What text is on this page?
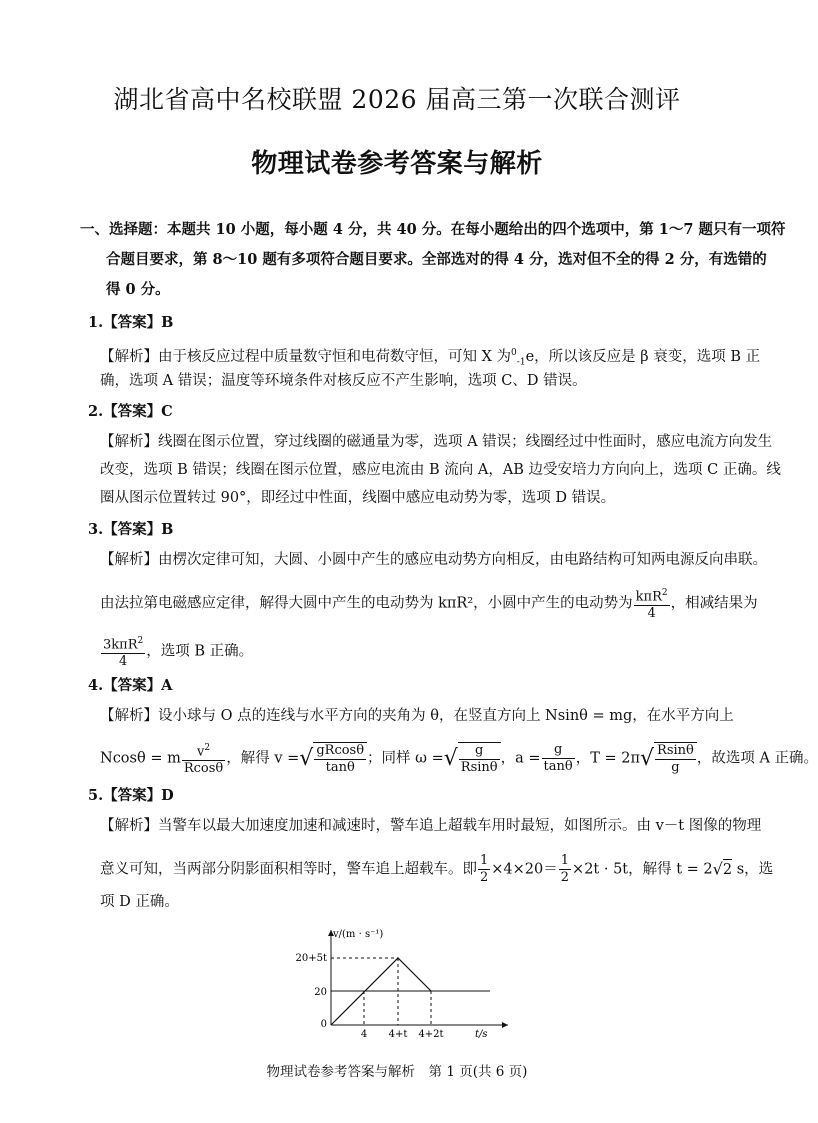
湖北省高中名校联盟 2026 届高三第一次联合测评
物理试卷参考答案与解析
一、选择题：本题共 10 小题，每小题 4 分，共 40 分。在每小题给出的四个选项中，第 1～7 题只有一项符
合题目要求，第 8～10 题有多项符合题目要求。全部选对的得 4 分，选对但不全的得 2 分，有选错的
得 0 分。
1.【答案】B
【解析】由于核反应过程中质量数守恒和电荷数守恒，可知 X 为$^0_{-1}$e，所以该反应是 β 衰变，选项 B 正
确，选项 A 错误；温度等环境条件对核反应不产生影响，选项 C、D 错误。
2.【答案】C
【解析】线圈在图示位置，穿过线圈的磁通量为零，选项 A 错误；线圈经过中性面时，感应电流方向发生
改变，选项 B 错误；线圈在图示位置，感应电流由 B 流向 A，AB 边受安培力方向向上，选项 C 正确。线
圈从图示位置转过 90°，即经过中性面，线圈中感应电动势为零，选项 D 错误。
3.【答案】B
【解析】由楞次定律可知，大圆、小圆中产生的感应电动势方向相反，由电路结构可知两电源反向串联。
由法拉第电磁感应定律，解得大圆中产生的电动势为 kπR²，小圆中产生的电动势为 $\frac{k\pi R^2}{4}$ ，相减结果为
$\frac{3k\pi R^2}{4}$ ，选项 B 正确。
4.【答案】A
【解析】设小球与 O 点的连线与水平方向的夹角为 θ，在竖直方向上 Nsinθ = mg，在水平方向上
Ncosθ = m $\frac{v^2}{Rcos\theta}$ ，解得 v =√ $\frac{gRcos\theta}{\tan\theta}$ ；同样 ω =√ $\frac{g}{Rsin\theta}$ ，$a = \frac{g}{\tan\theta}$ ，$T = 2\pi√ \frac{Rsin\theta}{g}$ ，故选项 A 正确。
5.【答案】D
【解析】当警车以最大加速度加速和减速时，警车追上超载车用时最短，如图所示。由 v－t 图像的物理
意义可知，当两部分阴影面积相等时，警车追上超载车。即 $\frac{1}{2} \times 4\times 20= \frac{1}{2} \times 2t \cdot 5t$，解得 t = 2√2 s，选
项 D 正确。
v/(m · s⁻¹)
t/s
20+5t
20
0
4 4+t 4+2t
物理试卷参考答案与解析　第 1 页(共 6 页)
